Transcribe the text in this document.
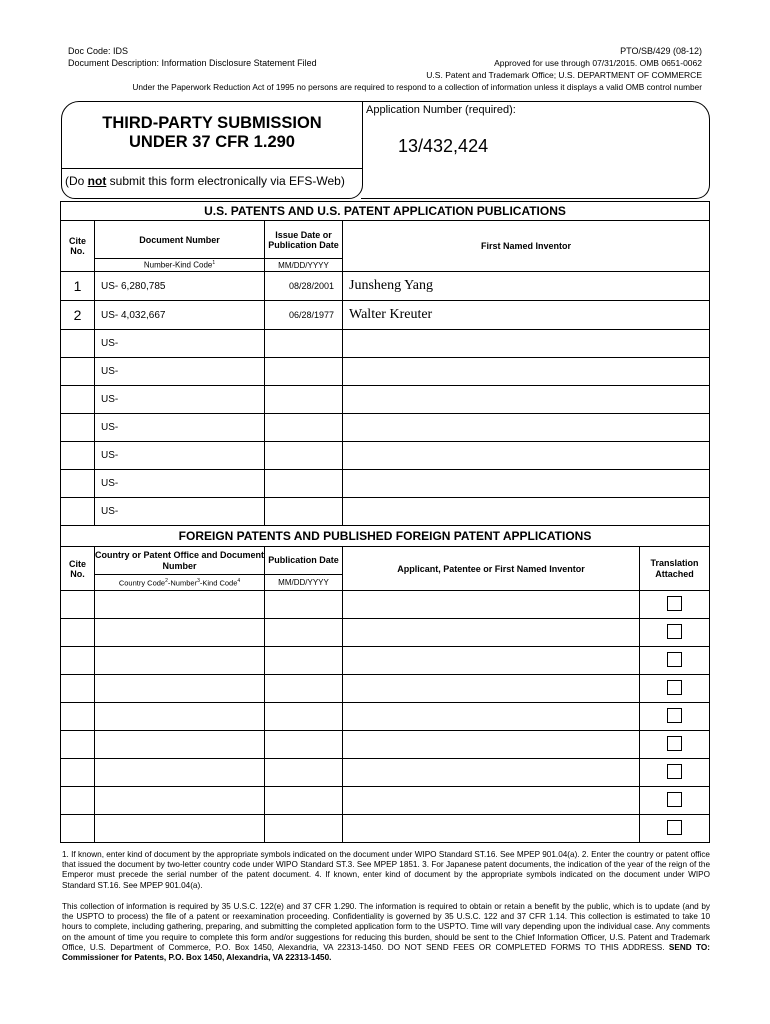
Doc Code: IDS
Document Description: Information Disclosure Statement Filed
PTO/SB/429 (08-12)
Approved for use through 07/31/2015. OMB 0651-0062
U.S. Patent and Trademark Office; U.S. DEPARTMENT OF COMMERCE
Under the Paperwork Reduction Act of 1995 no persons are required to respond to a collection of information unless it displays a valid OMB control number
THIRD-PARTY SUBMISSION
UNDER 37 CFR 1.290
(Do not submit this form electronically via EFS-Web)
Application Number (required):
13/432,424
U.S. PATENTS AND U.S. PATENT APPLICATION PUBLICATIONS			
Cite No.	Document Number	Issue Date or Publication Date	First Named Inventor
	Number-Kind Code$^1$	MM/DD/YYYY	
1	US- 6,280,785	08/28/2001	Junsheng Yang
2	US- 4,032,667	06/28/1977	Walter Kreuter
	US-		
	US-		
	US-		
	US-		
	US-		
	US-		
	US-		
FOREIGN PATENTS AND PUBLISHED FOREIGN PATENT APPLICATIONS				
Cite No.	Country or Patent Office and Document Number	Publication Date	Applicant, Patentee or First Named Inventor	Translation Attached
	Country Code$^2$-Number$^3$-Kind Code$^4$	MM/DD/YYYY		

1. If known, enter kind of document by the appropriate symbols indicated on the document under WIPO Standard ST.16. See MPEP 901.04(a). 2. Enter the country or patent office that issued the document by two-letter country code under WIPO Standard ST.3. See MPEP 1851. 3. For Japanese patent documents, the indication of the year of the reign of the Emperor must precede the serial number of the patent document. 4. If known, enter kind of document by the appropriate symbols indicated on the document under WIPO Standard ST.16. See MPEP 901.04(a).
This collection of information is required by 35 U.S.C. 122(e) and 37 CFR 1.290. The information is required to obtain or retain a benefit by the public, which is to update (and by the USPTO to process) the file of a patent or reexamination proceeding. Confidentiality is governed by 35 U.S.C. 122 and 37 CFR 1.14. This collection is estimated to take 10 hours to complete, including gathering, preparing, and submitting the completed application form to the USPTO. Time will vary depending upon the individual case. Any comments on the amount of time you require to complete this form and/or suggestions for reducing this burden, should be sent to the Chief Information Officer, U.S. Patent and Trademark Office, U.S. Department of Commerce, P.O. Box 1450, Alexandria, VA 22313-1450. DO NOT SEND FEES OR COMPLETED FORMS TO THIS ADDRESS. SEND TO: Commissioner for Patents, P.O. Box 1450, Alexandria, VA 22313-1450.
